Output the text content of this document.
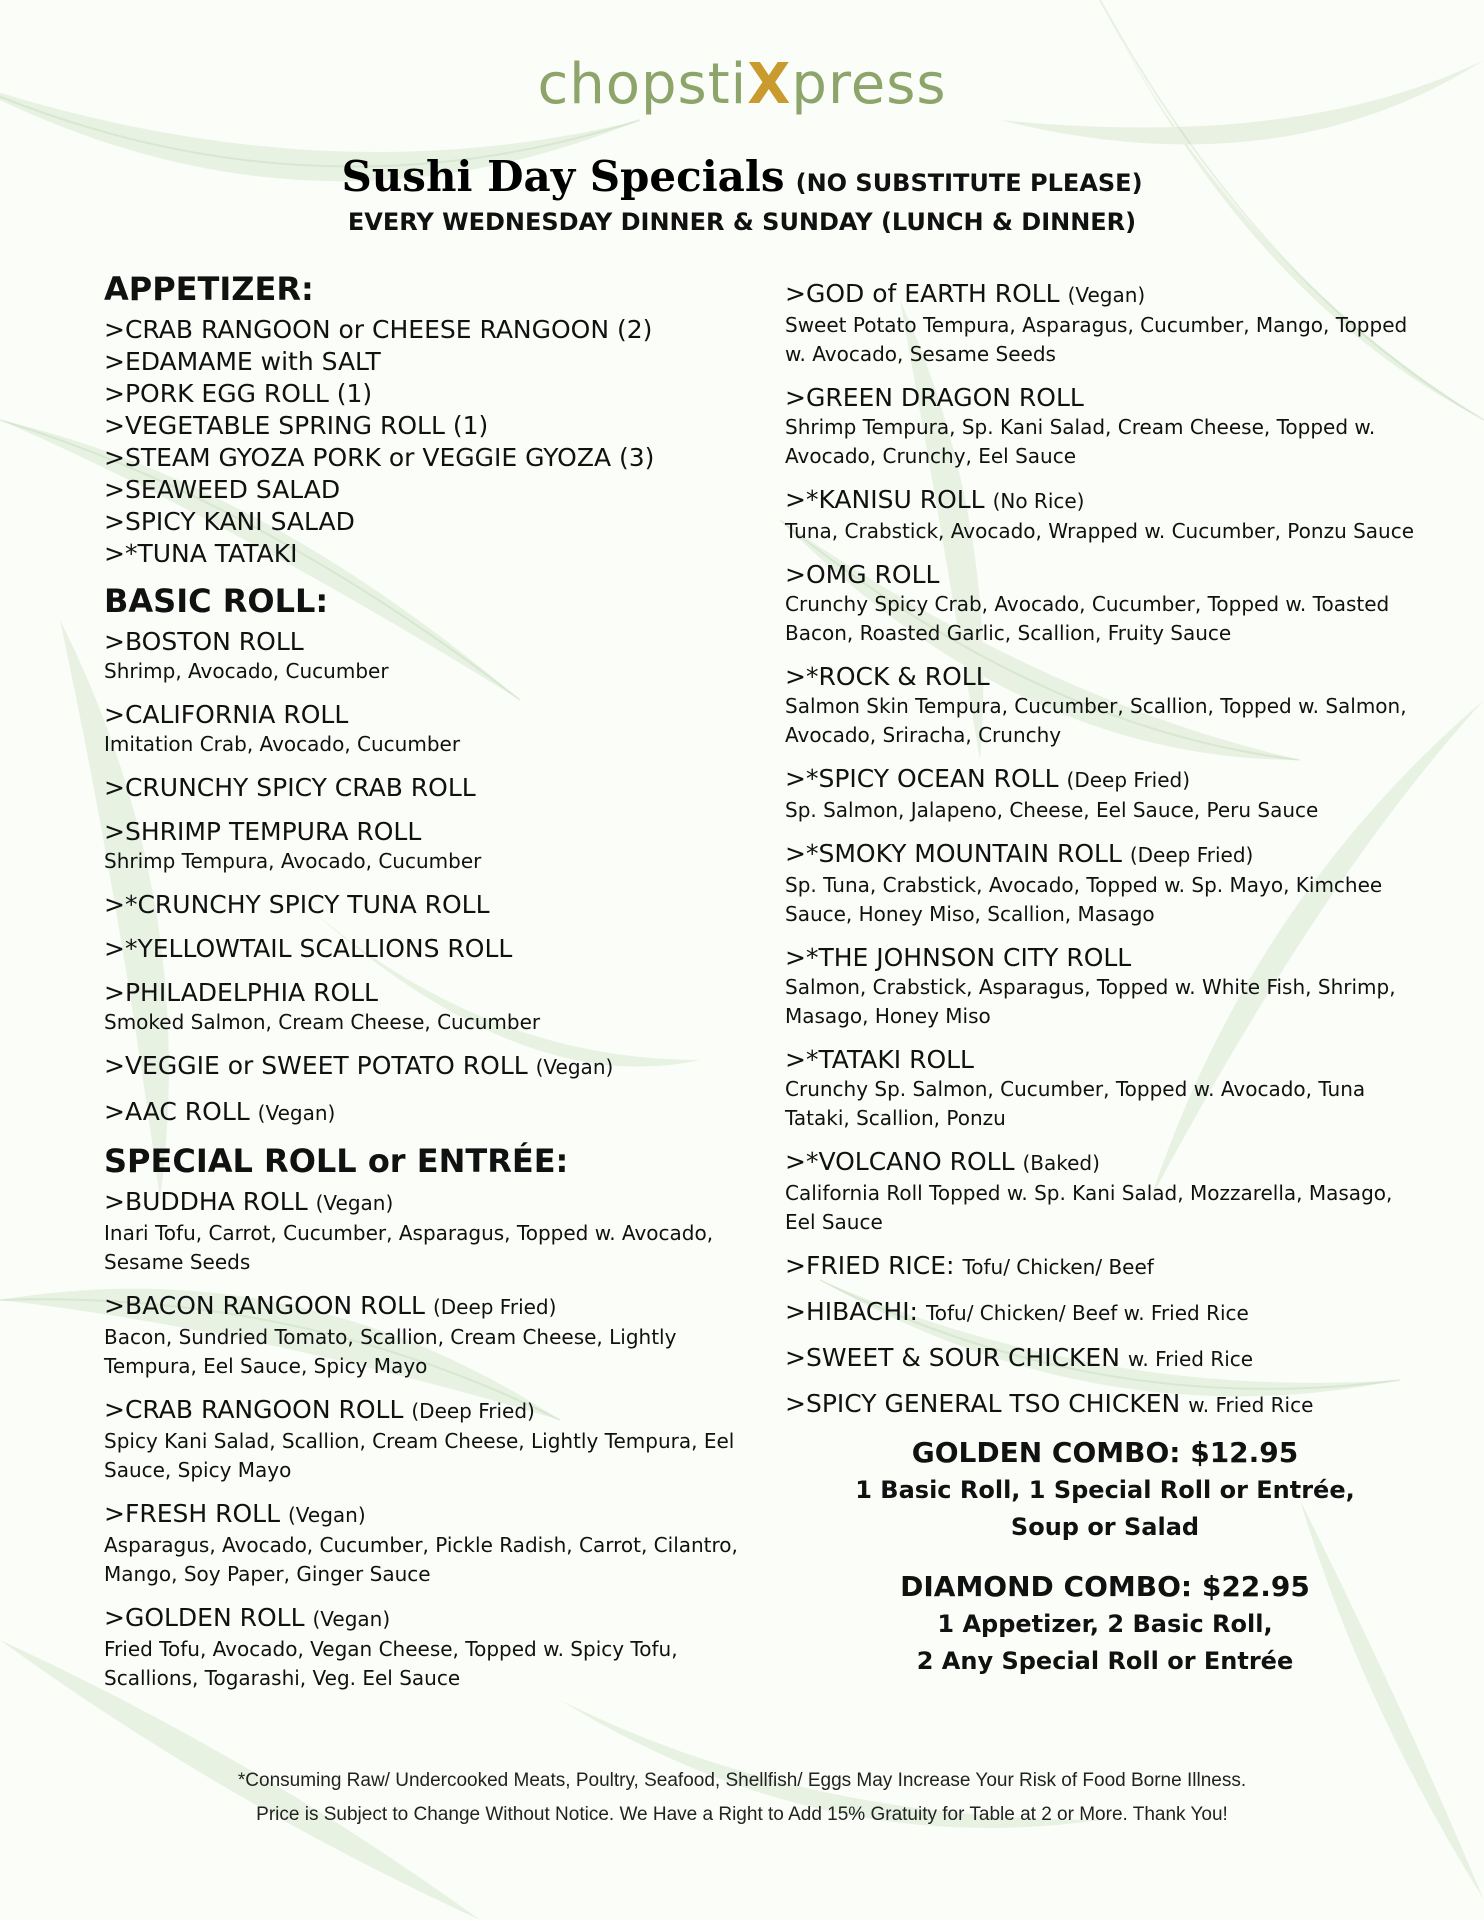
chopstiXpress
Sushi Day Specials (NO SUBSTITUTE PLEASE)
EVERY WEDNESDAY DINNER & SUNDAY (LUNCH & DINNER)
APPETIZER:
>CRAB RANGOON or CHEESE RANGOON (2)
>EDAMAME with SALT
>PORK EGG ROLL (1)
>VEGETABLE SPRING ROLL (1)
>STEAM GYOZA PORK or VEGGIE GYOZA (3)
>SEAWEED SALAD
>SPICY KANI SALAD
>*TUNA TATAKI
BASIC ROLL:
>BOSTON ROLL
Shrimp, Avocado, Cucumber
>CALIFORNIA ROLL
Imitation Crab, Avocado, Cucumber
>CRUNCHY SPICY CRAB ROLL
>SHRIMP TEMPURA ROLL
Shrimp Tempura, Avocado, Cucumber
>*CRUNCHY SPICY TUNA ROLL
>*YELLOWTAIL SCALLIONS ROLL
>PHILADELPHIA ROLL
Smoked Salmon, Cream Cheese, Cucumber
>VEGGIE or SWEET POTATO ROLL (Vegan)
>AAC ROLL (Vegan)
SPECIAL ROLL or ENTRÉE:
>BUDDHA ROLL (Vegan)
Inari Tofu, Carrot, Cucumber, Asparagus, Topped w. Avocado, Sesame Seeds
>BACON RANGOON ROLL (Deep Fried)
Bacon, Sundried Tomato, Scallion, Cream Cheese, Lightly Tempura, Eel Sauce, Spicy Mayo
>CRAB RANGOON ROLL (Deep Fried)
Spicy Kani Salad, Scallion, Cream Cheese, Lightly Tempura, Eel Sauce, Spicy Mayo
>FRESH ROLL (Vegan)
Asparagus, Avocado, Cucumber, Pickle Radish, Carrot, Cilantro, Mango, Soy Paper, Ginger Sauce
>GOLDEN ROLL (Vegan)
Fried Tofu, Avocado, Vegan Cheese, Topped w. Spicy Tofu, Scallions, Togarashi, Veg. Eel Sauce
>GOD of EARTH ROLL (Vegan)
Sweet Potato Tempura, Asparagus, Cucumber, Mango, Topped w. Avocado, Sesame Seeds
>GREEN DRAGON ROLL
Shrimp Tempura, Sp. Kani Salad, Cream Cheese, Topped w. Avocado, Crunchy, Eel Sauce
>*KANISU ROLL (No Rice)
Tuna, Crabstick, Avocado, Wrapped w. Cucumber, Ponzu Sauce
>OMG ROLL
Crunchy Spicy Crab, Avocado, Cucumber, Topped w. Toasted Bacon, Roasted Garlic, Scallion, Fruity Sauce
>*ROCK & ROLL
Salmon Skin Tempura, Cucumber, Scallion, Topped w. Salmon, Avocado, Sriracha, Crunchy
>*SPICY OCEAN ROLL (Deep Fried)
Sp. Salmon, Jalapeno, Cheese, Eel Sauce, Peru Sauce
>*SMOKY MOUNTAIN ROLL (Deep Fried)
Sp. Tuna, Crabstick, Avocado, Topped w. Sp. Mayo, Kimchee Sauce, Honey Miso, Scallion, Masago
>*THE JOHNSON CITY ROLL
Salmon, Crabstick, Asparagus, Topped w. White Fish, Shrimp, Masago, Honey Miso
>*TATAKI ROLL
Crunchy Sp. Salmon, Cucumber, Topped w. Avocado, Tuna Tataki, Scallion, Ponzu
>*VOLCANO ROLL (Baked)
California Roll Topped w. Sp. Kani Salad, Mozzarella, Masago, Eel Sauce
>FRIED RICE: Tofu/ Chicken/ Beef
>HIBACHI: Tofu/ Chicken/ Beef w. Fried Rice
>SWEET & SOUR CHICKEN w. Fried Rice
>SPICY GENERAL TSO CHICKEN w. Fried Rice
GOLDEN COMBO: $12.95
1 Basic Roll, 1 Special Roll or Entrée,
Soup or Salad
DIAMOND COMBO: $22.95
1 Appetizer, 2 Basic Roll,
2 Any Special Roll or Entrée
*Consuming Raw/ Undercooked Meats, Poultry, Seafood, Shellfish/ Eggs May Increase Your Risk of Food Borne Illness.
Price is Subject to Change Without Notice. We Have a Right to Add 15% Gratuity for Table at 2 or More. Thank You!
